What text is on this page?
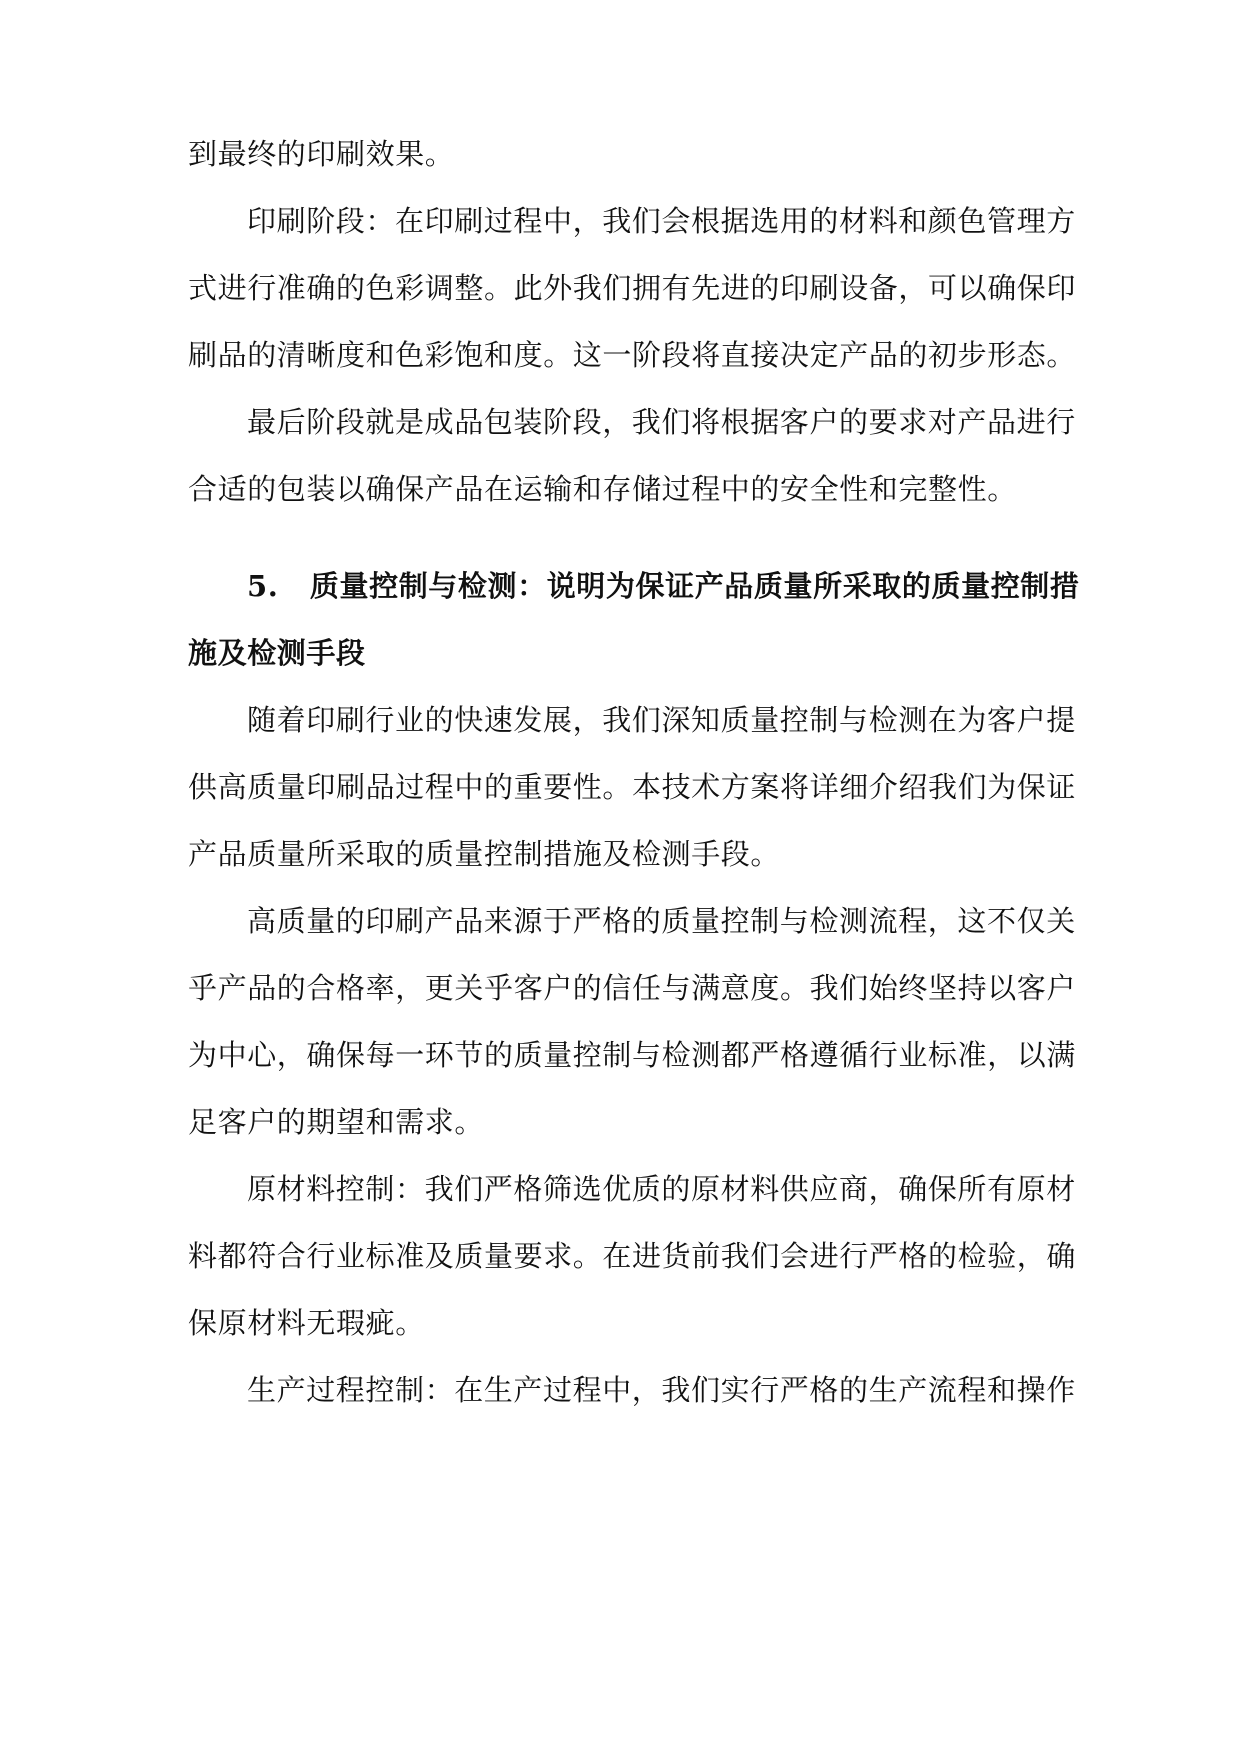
到最终的印刷效果。
印刷阶段：在印刷过程中，我们会根据选用的材料和颜色管理方
式进行准确的色彩调整。此外我们拥有先进的印刷设备，可以确保印
刷品的清晰度和色彩饱和度。这一阶段将直接决定产品的初步形态。
最后阶段就是成品包装阶段，我们将根据客户的要求对产品进行
合适的包装以确保产品在运输和存储过程中的安全性和完整性。
5. 质量控制与检测：说明为保证产品质量所采取的质量控制措
施及检测手段
随着印刷行业的快速发展，我们深知质量控制与检测在为客户提
供高质量印刷品过程中的重要性。本技术方案将详细介绍我们为保证
产品质量所采取的质量控制措施及检测手段。
高质量的印刷产品来源于严格的质量控制与检测流程，这不仅关
乎产品的合格率，更关乎客户的信任与满意度。我们始终坚持以客户
为中心，确保每一环节的质量控制与检测都严格遵循行业标准，以满
足客户的期望和需求。
原材料控制：我们严格筛选优质的原材料供应商，确保所有原材
料都符合行业标准及质量要求。在进货前我们会进行严格的检验，确
保原材料无瑕疵。
生产过程控制：在生产过程中，我们实行严格的生产流程和操作
